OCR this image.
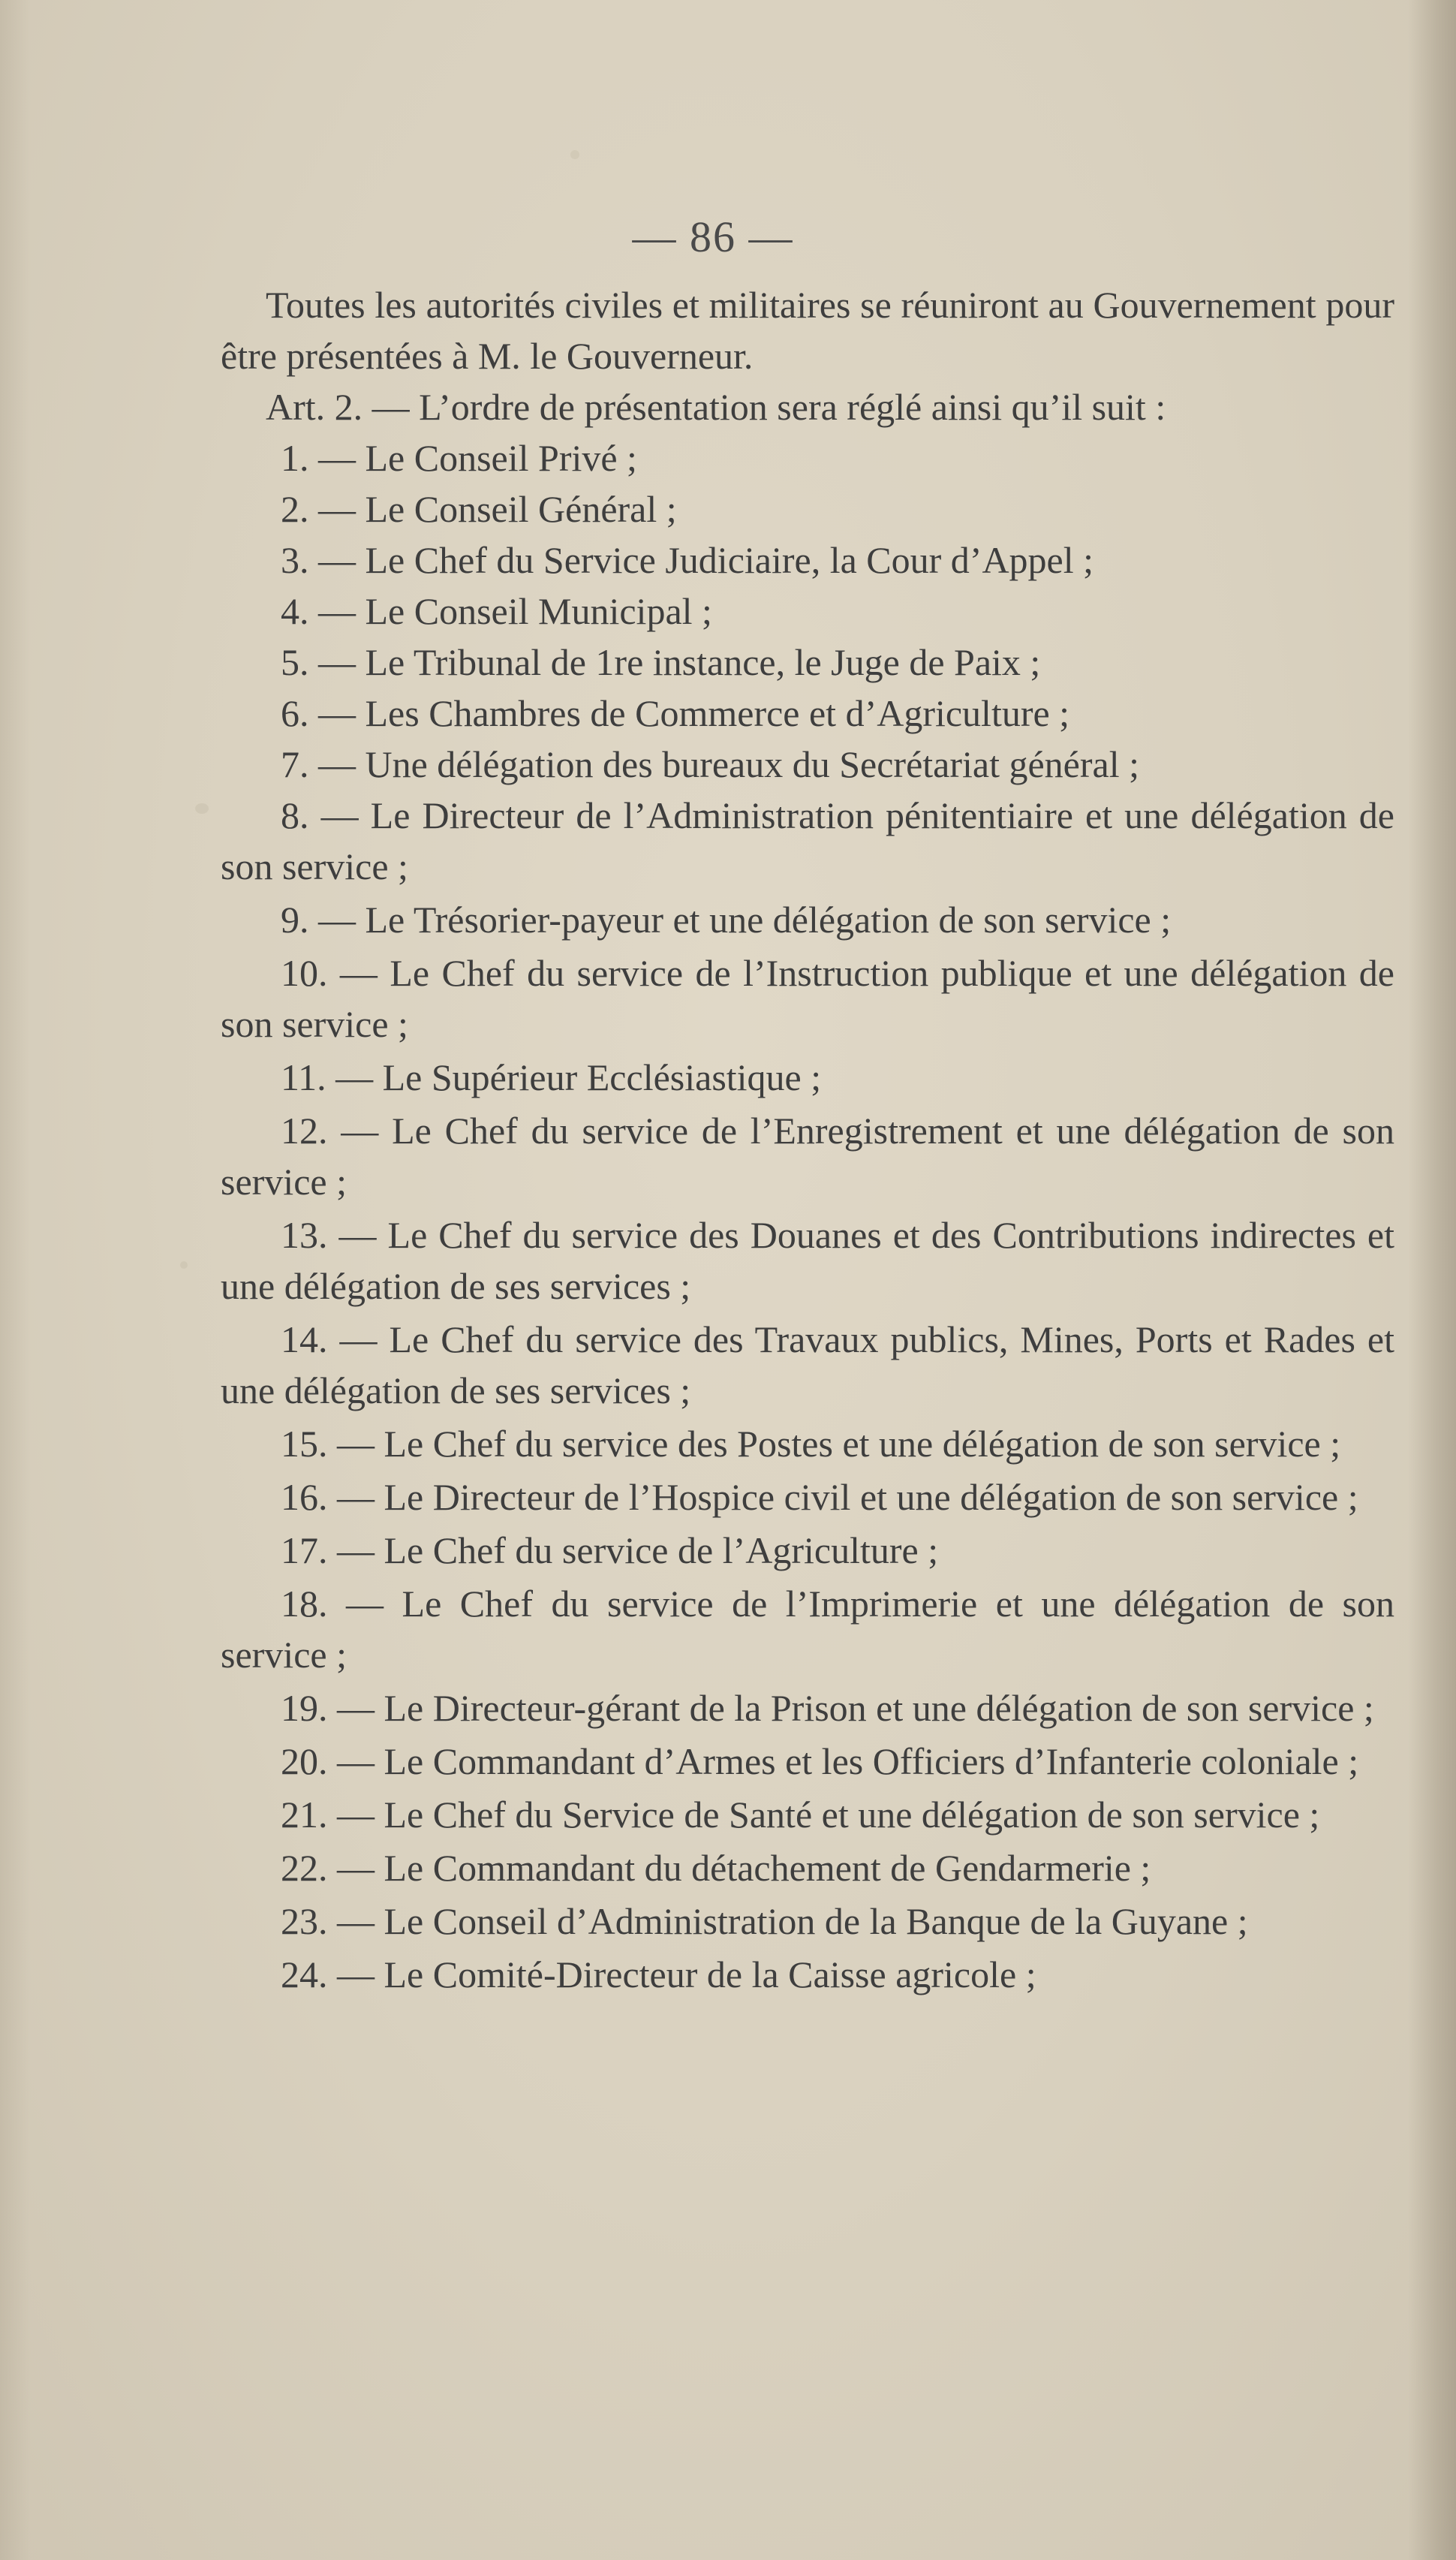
— 86 —

Toutes les autorités civiles et militaires se réuniront au Gouvernement pour être présentées à M. le Gouverneur.

Art. 2. — L’ordre de présentation sera réglé ainsi qu’il suit :

1. — Le Conseil Privé ;

2. — Le Conseil Général ;

3. — Le Chef du Service Judiciaire, la Cour d’Appel ;

4. — Le Conseil Municipal ;

5. — Le Tribunal de 1re instance, le Juge de Paix ;

6. — Les Chambres de Commerce et d’Agriculture ;

7. — Une délégation des bureaux du Secrétariat général ;

8. — Le Directeur de l’Administration pénitentiaire et une délégation de son service ;

9. — Le Trésorier-payeur et une délégation de son service ;

10. — Le Chef du service de l’Instruction publique et une délégation de son service ;

11. — Le Supérieur Ecclésiastique ;

12. — Le Chef du service de l’Enregistrement et une délégation de son service ;

13. — Le Chef du service des Douanes et des Contributions indirectes et une délégation de ses services ;

14. — Le Chef du service des Travaux publics, Mines, Ports et Rades et une délégation de ses services ;

15. — Le Chef du service des Postes et une délégation de son service ;

16. — Le Directeur de l’Hospice civil et une délégation de son service ;

17. — Le Chef du service de l’Agriculture ;

18. — Le Chef du service de l’Imprimerie et une délégation de son service ;

19. — Le Directeur-gérant de la Prison et une délégation de son service ;

20. — Le Commandant d’Armes et les Officiers d’Infanterie coloniale ;

21. — Le Chef du Service de Santé et une délégation de son service ;

22. — Le Commandant du détachement de Gendarmerie ;

23. — Le Conseil d’Administration de la Banque de la Guyane ;

24. — Le Comité-Directeur de la Caisse agricole ;
